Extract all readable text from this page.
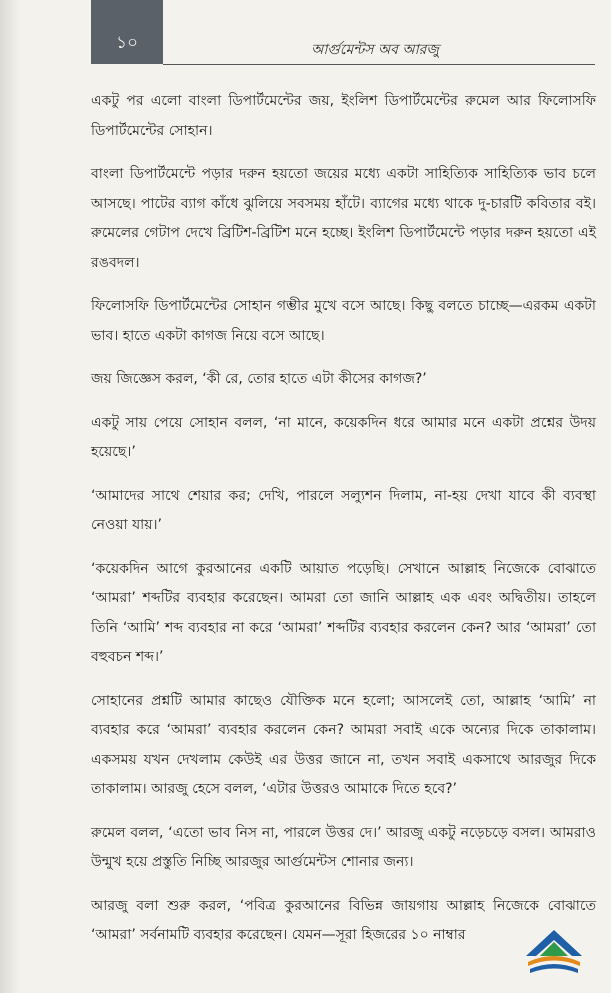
১০	আর্গুমেন্টস অব আরজু

একটু পর এলো বাংলা ডিপার্টমেন্টের জয়, ইংলিশ ডিপার্টমেন্টের রুমেল আর ফিলোসফি ডিপার্টমেন্টের সোহান।

বাংলা ডিপার্টমেন্টে পড়ার দরুন হয়তো জয়ের মধ্যে একটা সাহিত্যিক সাহিত্যিক ভাব চলে আসছে। পাটের ব্যাগ কাঁধে ঝুলিয়ে সবসময় হাঁটে। ব্যাগের মধ্যে থাকে দু-চারটি কবিতার বই। রুমেলের গেটাপ দেখে ব্রিটিশ-ব্রিটিশ মনে হচ্ছে। ইংলিশ ডিপার্টমেন্টে পড়ার দরুন হয়তো এই রঙবদল।

ফিলোসফি ডিপার্টমেন্টের সোহান গম্ভীর মুখে বসে আছে। কিছু বলতে চাচ্ছে—এরকম একটা ভাব। হাতে একটা কাগজ নিয়ে বসে আছে।

জয় জিজ্ঞেস করল, ‘কী রে, তোর হাতে এটা কীসের কাগজ?’

একটু সায় পেয়ে সোহান বলল, ‘না মানে, কয়েকদিন ধরে আমার মনে একটা প্রশ্নের উদয় হয়েছে।’

‘আমাদের সাথে শেয়ার কর; দেখি, পারলে সল্যুশন দিলাম, না-হয় দেখা যাবে কী ব্যবস্থা নেওয়া যায়।’

‘কয়েকদিন আগে কুরআনের একটি আয়াত পড়েছি। সেখানে আল্লাহ নিজেকে বোঝাতে ‘আমরা’ শব্দটির ব্যবহার করেছেন। আমরা তো জানি আল্লাহ এক এবং অদ্বিতীয়। তাহলে তিনি ‘আমি’ শব্দ ব্যবহার না করে ‘আমরা’ শব্দটির ব্যবহার করলেন কেন? আর ‘আমরা’ তো বহুবচন শব্দ।’

সোহানের প্রশ্নটি আমার কাছেও যৌক্তিক মনে হলো; আসলেই তো, আল্লাহ ‘আমি’ না ব্যবহার করে ‘আমরা’ ব্যবহার করলেন কেন? আমরা সবাই একে অন্যের দিকে তাকালাম। একসময় যখন দেখলাম কেউই এর উত্তর জানে না, তখন সবাই একসাথে আরজুর দিকে তাকালাম। আরজু হেসে বলল, ‘এটার উত্তরও আমাকে দিতে হবে?’

রুমেল বলল, ‘এতো ভাব নিস না, পারলে উত্তর দে।’ আরজু একটু নড়েচড়ে বসল। আমরাও উন্মুখ হয়ে প্রস্তুতি নিচ্ছি আরজুর আর্গুমেন্টস শোনার জন্য।

আরজু বলা শুরু করল, ‘পবিত্র কুরআনের বিভিন্ন জায়গায় আল্লাহ নিজেকে বোঝাতে ‘আমরা’ সর্বনামটি ব্যবহার করেছেন। যেমন—সূরা হিজরের ১০ নাম্বার
